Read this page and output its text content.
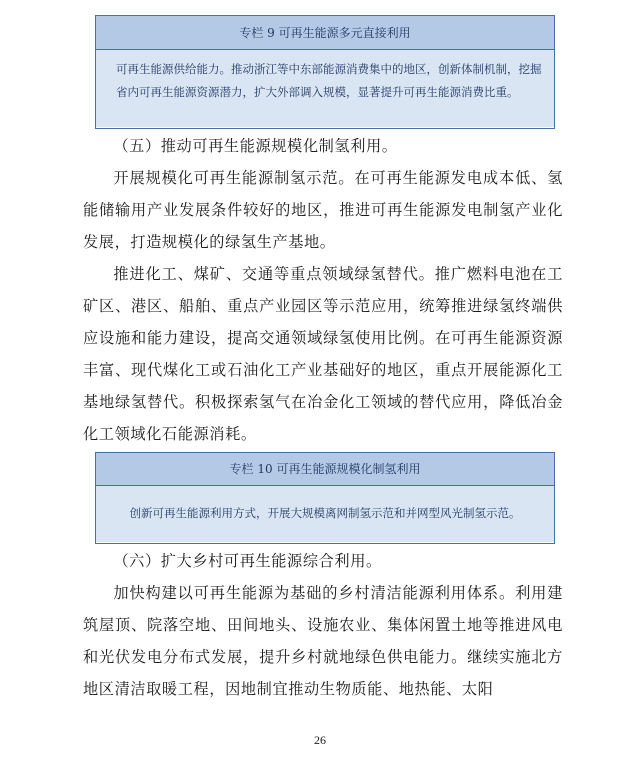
专栏 9 可再生能源多元直接利用
可再生能源供给能力。推动浙江等中东部能源消费集中的地区，创新体制机制，挖掘省内可再生能源资源潜力，扩大外部调入规模，显著提升可再生能源消费比重。

（五）推动可再生能源规模化制氢利用。

开展规模化可再生能源制氢示范。在可再生能源发电成本低、氢能储输用产业发展条件较好的地区，推进可再生能源发电制氢产业化发展，打造规模化的绿氢生产基地。

推进化工、煤矿、交通等重点领域绿氢替代。推广燃料电池在工矿区、港区、船舶、重点产业园区等示范应用，统筹推进绿氢终端供应设施和能力建设，提高交通领域绿氢使用比例。在可再生能源资源丰富、现代煤化工或石油化工产业基础好的地区，重点开展能源化工基地绿氢替代。积极探索氢气在冶金化工领域的替代应用，降低冶金化工领域化石能源消耗。

专栏 10 可再生能源规模化制氢利用
创新可再生能源利用方式，开展大规模离网制氢示范和并网型风光制氢示范。

（六）扩大乡村可再生能源综合利用。

加快构建以可再生能源为基础的乡村清洁能源利用体系。利用建筑屋顶、院落空地、田间地头、设施农业、集体闲置土地等推进风电和光伏发电分布式发展，提升乡村就地绿色供电能力。继续实施北方地区清洁取暖工程，因地制宜推动生物质能、地热能、太阳

26
